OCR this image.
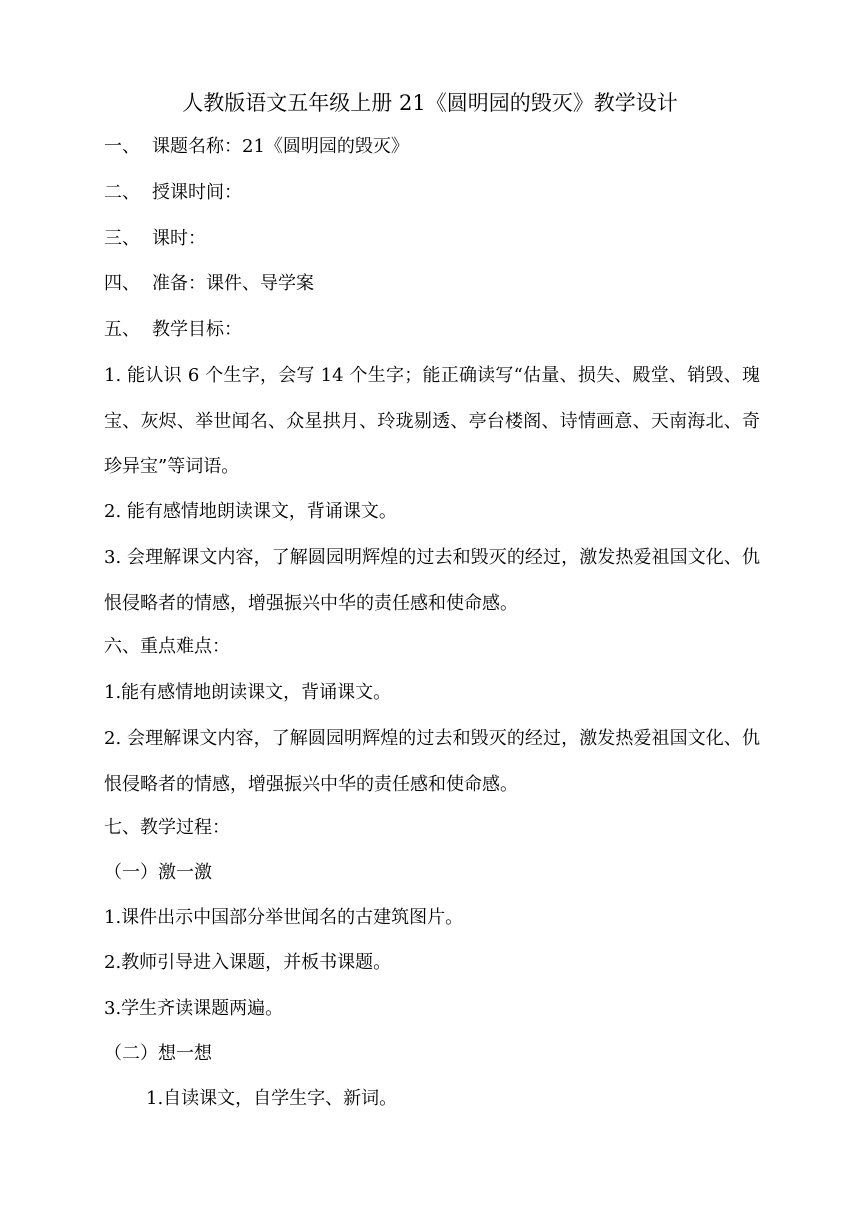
人教版语文五年级上册 21《圆明园的毁灭》教学设计
一、 课题名称：21《圆明园的毁灭》
二、 授课时间：
三、 课时：
四、 准备：课件、导学案
五、 教学目标：
1. 能认识 6 个生字，会写 14 个生字；能正确读写“估量、损失、殿堂、销毁、瑰宝、灰烬、举世闻名、众星拱月、玲珑剔透、亭台楼阁、诗情画意、天南海北、奇珍异宝”等词语。
2. 能有感情地朗读课文，背诵课文。
3. 会理解课文内容，了解圆园明辉煌的过去和毁灭的经过，激发热爱祖国文化、仇恨侵略者的情感，增强振兴中华的责任感和使命感。
六、重点难点：
1.能有感情地朗读课文，背诵课文。
2. 会理解课文内容，了解圆园明辉煌的过去和毁灭的经过，激发热爱祖国文化、仇恨侵略者的情感，增强振兴中华的责任感和使命感。
七、教学过程：
（一）激一激
1.课件出示中国部分举世闻名的古建筑图片。
2.教师引导进入课题，并板书课题。
3.学生齐读课题两遍。
（二）想一想
1.自读课文，自学生字、新词。
